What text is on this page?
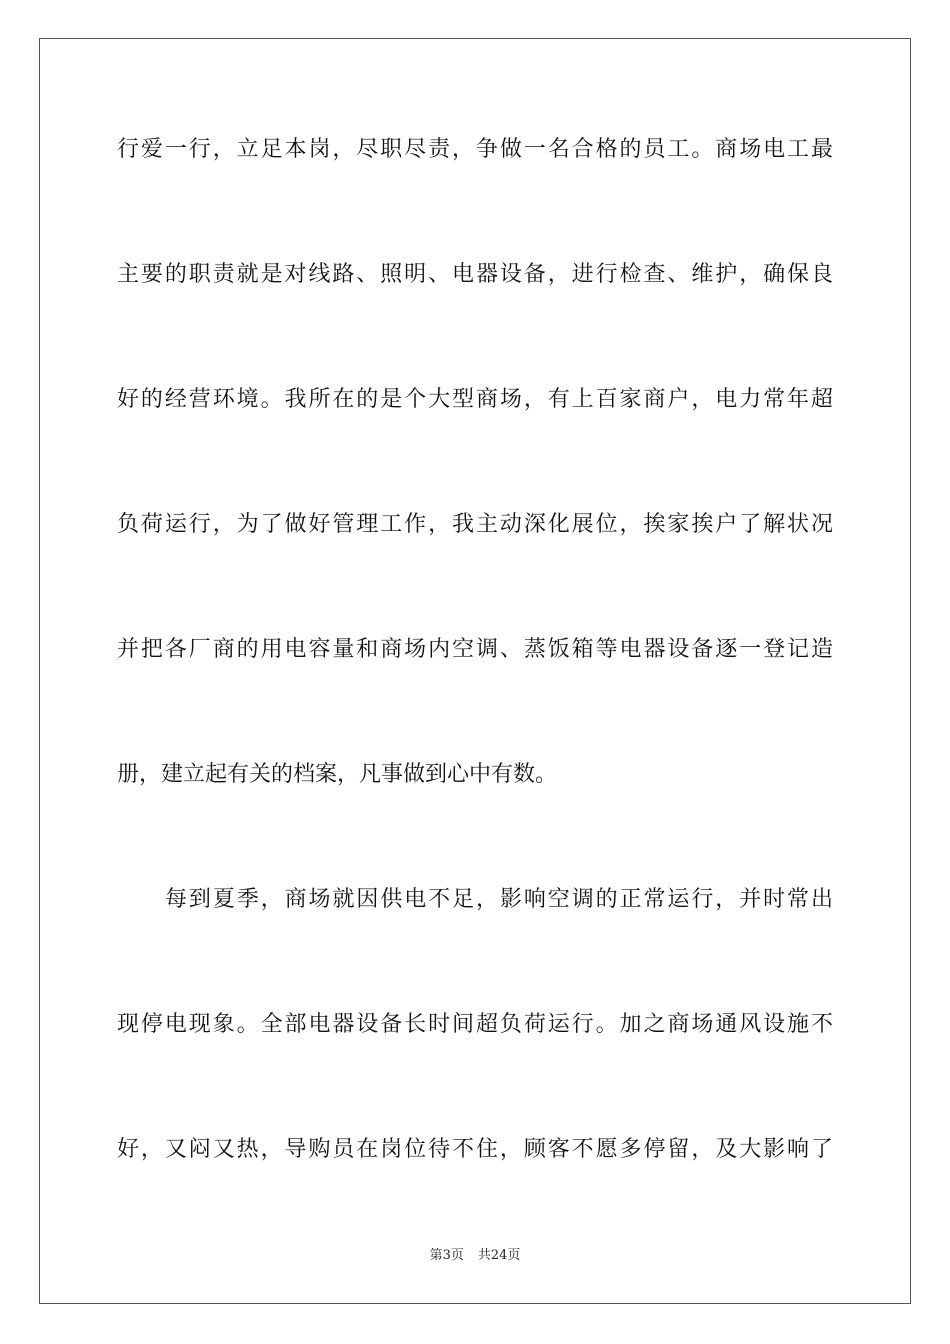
行爱一行，立足本岗，尽职尽责，争做一名合格的员工。商场电工最
主要的职责就是对线路、照明、电器设备，进行检查、维护，确保良
好的经营环境。我所在的是个大型商场，有上百家商户，电力常年超
负荷运行，为了做好管理工作，我主动深化展位，挨家挨户了解状况
并把各厂商的用电容量和商场内空调、蒸饭箱等电器设备逐一登记造
册，建立起有关的档案，凡事做到心中有数。
每到夏季，商场就因供电不足，影响空调的正常运行，并时常出
现停电现象。全部电器设备长时间超负荷运行。加之商场通风设施不
好，又闷又热，导购员在岗位待不住，顾客不愿多停留，及大影响了
第3页 共24页
